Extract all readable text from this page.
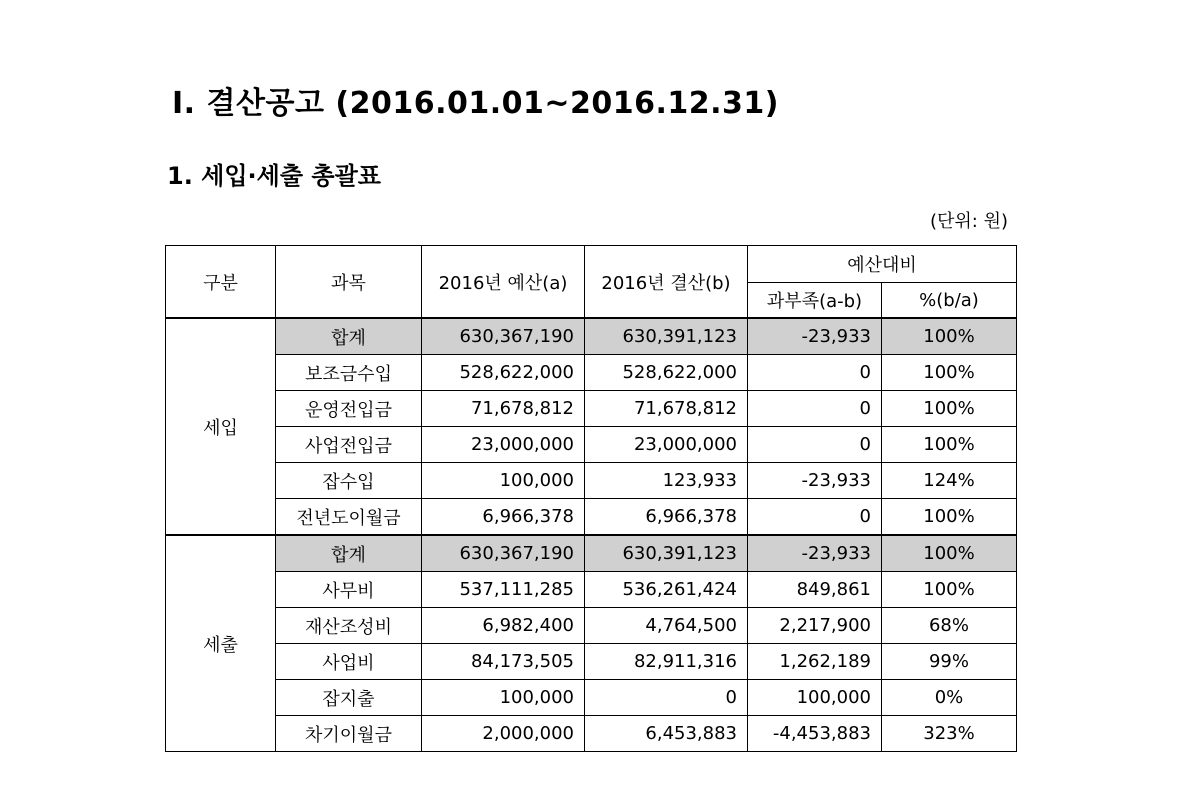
Ⅰ. 결산공고 (2016.01.01~2016.12.31)
1. 세입·세출 총괄표
(단위: 원)
구분	과목	2016년 예산(a)	2016년 결산(b)	예산대비	
				과부족(a-b)	%(b/a)
세입	합계	630,367,190	630,391,123	-23,933	100%
	보조금수입	528,622,000	528,622,000	0	100%
	운영전입금	71,678,812	71,678,812	0	100%
	사업전입금	23,000,000	23,000,000	0	100%
	잡수입	100,000	123,933	-23,933	124%
	전년도이월금	6,966,378	6,966,378	0	100%
세출	합계	630,367,190	630,391,123	-23,933	100%
	사무비	537,111,285	536,261,424	849,861	100%
	재산조성비	6,982,400	4,764,500	2,217,900	68%
	사업비	84,173,505	82,911,316	1,262,189	99%
	잡지출	100,000	0	100,000	0%
	차기이월금	2,000,000	6,453,883	-4,453,883	323%
